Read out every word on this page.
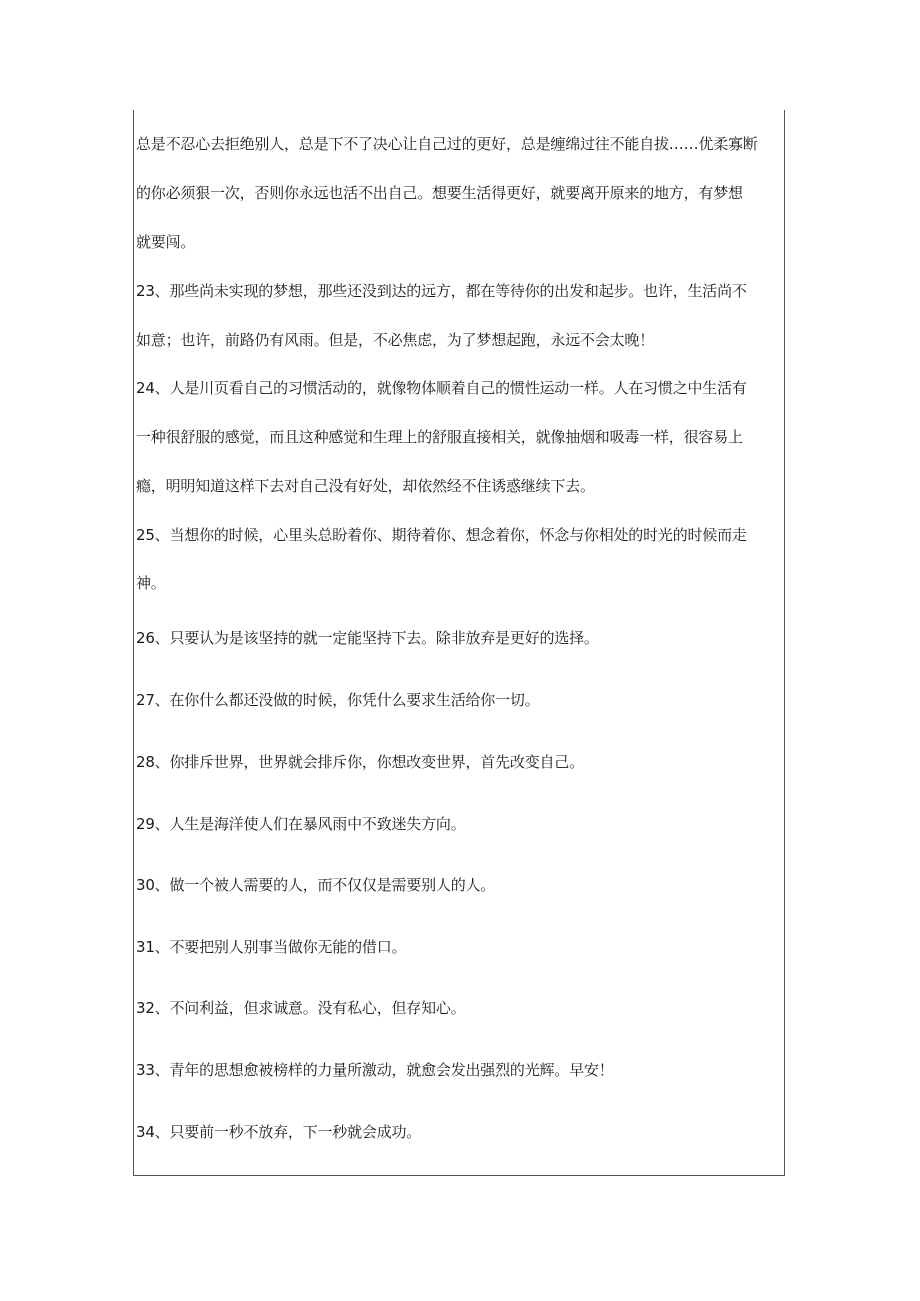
总是不忍心去拒绝别人，总是下不了决心让自己过的更好，总是缠绵过往不能自拔……优柔寡断
的你必须狠一次，否则你永远也活不出自己。想要生活得更好，就要离开原来的地方，有梦想
就要闯。
23、那些尚未实现的梦想，那些还没到达的远方，都在等待你的出发和起步。也许，生活尚不
如意；也许，前路仍有风雨。但是，不必焦虑，为了梦想起跑，永远不会太晚！
24、人是川页看自己的习惯活动的，就像物体顺着自己的惯性运动一样。人在习惯之中生活有
一种很舒服的感觉，而且这种感觉和生理上的舒服直接相关，就像抽烟和吸毒一样，很容易上
瘾，明明知道这样下去对自己没有好处，却依然经不住诱惑继续下去。
25、当想你的时候，心里头总盼着你、期待着你、想念着你，怀念与你相处的时光的时候而走
神。
26、只要认为是该坚持的就一定能坚持下去。除非放弃是更好的选择。
27、在你什么都还没做的时候，你凭什么要求生活给你一切。
28、你排斥世界，世界就会排斥你，你想改变世界，首先改变自己。
29、人生是海洋使人们在暴风雨中不致迷失方向。
30、做一个被人需要的人，而不仅仅是需要别人的人。
31、不要把别人别事当做你无能的借口。
32、不问利益，但求诚意。没有私心，但存知心。
33、青年的思想愈被榜样的力量所激动，就愈会发出强烈的光辉。早安！
34、只要前一秒不放弃，下一秒就会成功。
